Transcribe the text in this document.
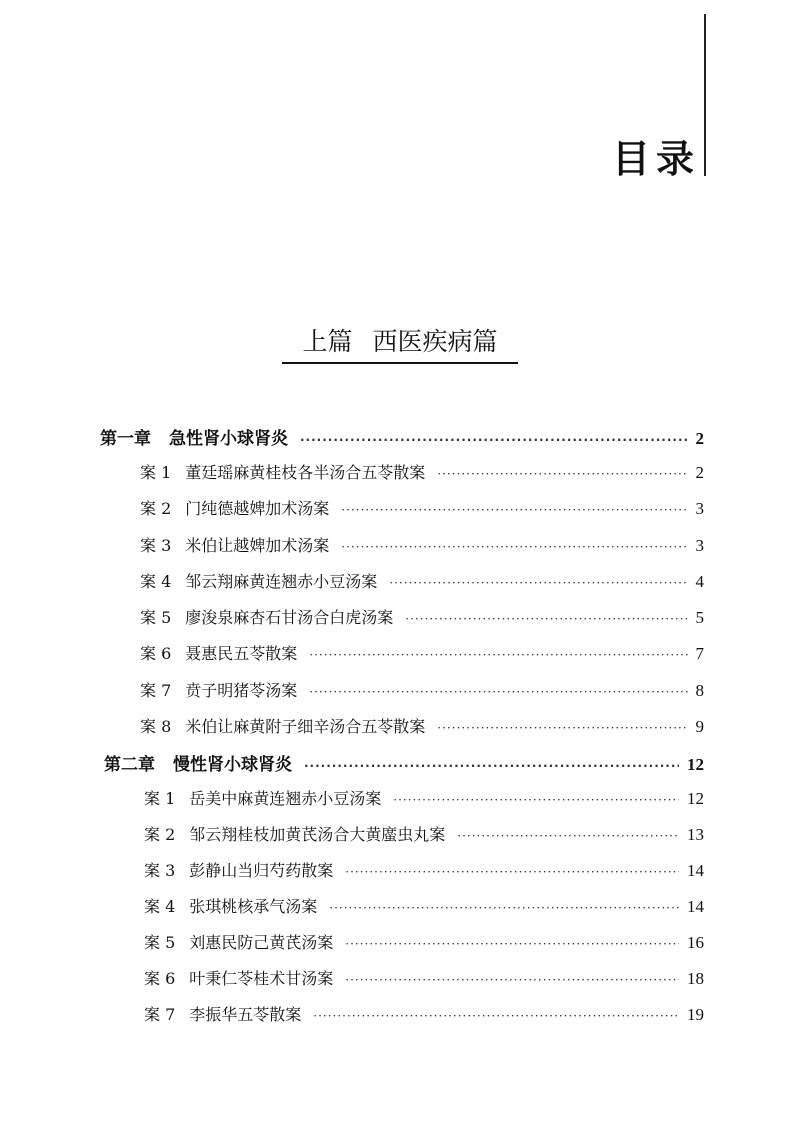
目录
上篇 西医疾病篇
第一章 急性肾小球肾炎 ·····	2
案 1 董廷瑶麻黄桂枝各半汤合五苓散案 ·····	2
案 2 门纯德越婢加术汤案 ·····	3
案 3 米伯让越婢加术汤案 ·····	3
案 4 邹云翔麻黄连翘赤小豆汤案 ·····	4
案 5 廖浚泉麻杏石甘汤合白虎汤案 ·····	5
案 6 聂惠民五苓散案 ·····	7
案 7 贲子明猪苓汤案 ·····	8
案 8 米伯让麻黄附子细辛汤合五苓散案 ·····	9
第二章 慢性肾小球肾炎 ·····	12
案 1 岳美中麻黄连翘赤小豆汤案 ·····	12
案 2 邹云翔桂枝加黄芪汤合大黄䗪虫丸案 ·····	13
案 3 彭静山当归芍药散案 ·····	14
案 4 张琪桃核承气汤案 ·····	14
案 5 刘惠民防己黄芪汤案 ·····	16
案 6 叶秉仁苓桂术甘汤案 ·····	18
案 7 李振华五苓散案 ·····	19
